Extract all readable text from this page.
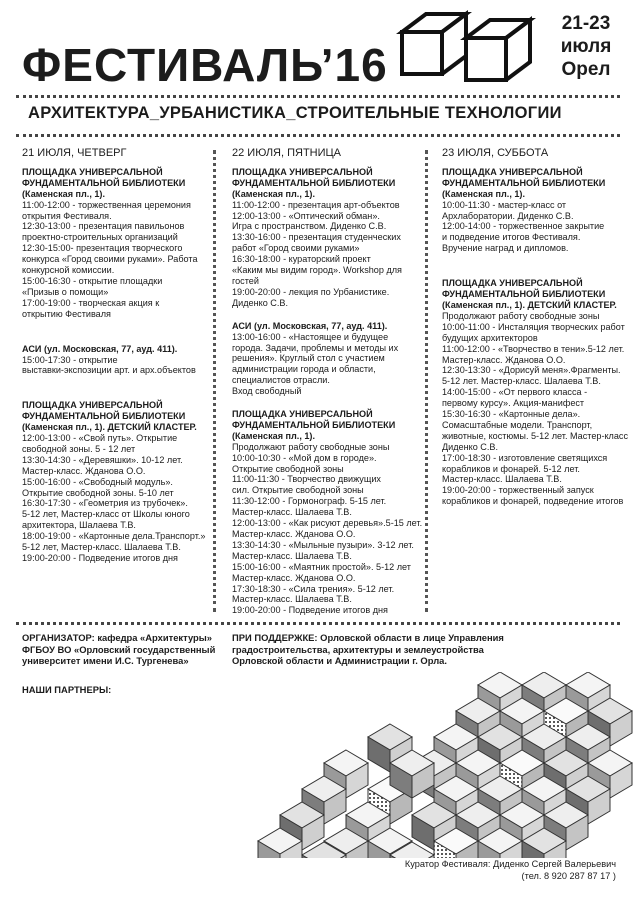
ФЕСТИВАЛЬ’16
21-23
июля
Орел
АРХИТЕКТУРА_УРБАНИСТИКА_СТРОИТЕЛЬНЫЕ ТЕХНОЛОГИИ
21 ИЮЛЯ, ЧЕТВЕРГ
ПЛОЩАДКА УНИВЕРСАЛЬНОЙ
ФУНДАМЕНТАЛЬНОЙ БИБЛИОТЕКИ
(Каменская пл., 1).
11:00-12:00 - торжественная церемония
открытия Фестиваля.
12:30-13:00 - презентация павильонов
проектно-строительных организаций
12:30-15:00- презентация творческого
конкурса «Город своими руками». Работа
конкурсной комиссии.
15:00-16:30 - открытие площадки
«Призыв о помощи»
17:00-19:00 - творческая акция к
открытию Фестиваля
АСИ (ул. Московская, 77, ауд. 411).
15:00-17:30 - открытие
выставки-экспозиции арт. и арх.объектов
ПЛОЩАДКА УНИВЕРСАЛЬНОЙ
ФУНДАМЕНТАЛЬНОЙ БИБЛИОТЕКИ
(Каменская пл., 1). ДЕТСКИЙ КЛАСТЕР.
12:00-13:00 - «Свой путь». Открытие
свободной зоны. 5 - 12 лет
13:30-14:30 - «Деревяшки». 10-12 лет.
Мастер-класс. Жданова О.О.
15:00-16:00 - «Свободный модуль».
Открытие свободной зоны. 5-10 лет
16:30-17:30 - «Геометрия из трубочек».
5-12 лет, Мастер-класс от Школы юного
архитектора, Шалаева Т.В.
18:00-19:00 - «Картонные дела.Транспорт.»
5-12 лет, Мастер-класс. Шалаева Т.В.
19:00-20:00 - Подведение итогов дня
22 ИЮЛЯ, ПЯТНИЦА
ПЛОЩАДКА УНИВЕРСАЛЬНОЙ
ФУНДАМЕНТАЛЬНОЙ БИБЛИОТЕКИ
(Каменская пл., 1).
11:00-12:00 - презентация арт-объектов
12:00-13:00 - «Оптический обман».
Игра с пространством. Диденко С.В.
13:30-16:00 - презентация студенческих
работ «Город своими руками»
16:30-18:00 - кураторский проект
«Каким мы видим город». Workshop для
гостей
19:00-20:00 - лекция по Урбанистике.
Диденко С.В.
АСИ (ул. Московская, 77, ауд. 411).
13:00-16:00 - «Настоящее и будущее
города. Задачи, проблемы и методы их
решения». Круглый стол с участием
администрации города и области,
специалистов отрасли.
Вход свободный
ПЛОЩАДКА УНИВЕРСАЛЬНОЙ
ФУНДАМЕНТАЛЬНОЙ БИБЛИОТЕКИ
(Каменская пл., 1).
Продолжают работу свободные зоны
10:00-10:30 - «Мой дом в городе».
Открытие свободной зоны
11:00-11:30 - Творчество движущих
сил. Открытие свободной зоны
11:30-12:00 - Гормонограф. 5-15 лет.
Мастер-класс. Шалаева Т.В.
12:00-13:00 - «Как рисуют деревья».5-15 лет.
Мастер-класс. Жданова О.О.
13:30-14:30 - «Мыльные пузыри». 3-12 лет.
Мастер-класс. Шалаева Т.В.
15:00-16:00 - «Маятник простой». 5-12 лет
Мастер-класс. Жданова О.О.
17:30-18:30 - «Сила трения». 5-12 лет.
Мастер-класс. Шалаева Т.В.
19:00-20:00 - Подведение итогов дня
23 ИЮЛЯ, СУББОТА
ПЛОЩАДКА УНИВЕРСАЛЬНОЙ
ФУНДАМЕНТАЛЬНОЙ БИБЛИОТЕКИ
(Каменская пл., 1).
10:00-11:30 - мастер-класс от
Архлаборатории. Диденко С.В.
12:00-14:00 - торжественное закрытие
и подведение итогов Фестиваля.
Вручение наград и дипломов.
ПЛОЩАДКА УНИВЕРСАЛЬНОЙ
ФУНДАМЕНТАЛЬНОЙ БИБЛИОТЕКИ
(Каменская пл., 1). ДЕТСКИЙ КЛАСТЕР.
Продолжают работу свободные зоны
10:00-11:00 - Инсталяция творческих работ
будущих архитекторов
11:00-12:00 - «Творчество в тени».5-12 лет.
Мастер-класс. Жданова О.О.
12:30-13:30 - «Дорисуй меня».Фрагменты.
5-12 лет. Мастер-класс. Шалаева Т.В.
14:00-15:00 - «От первого класса -
первому курсу». Акция-манифест
15:30-16:30 - «Картонные дела».
Сомасштабные модели. Транспорт,
животные, костюмы. 5-12 лет. Мастер-класс
Диденко С.В.
17:00-18:30 - изготовление светящихся
корабликов и фонарей. 5-12 лет.
Мастер-класс. Шалаева Т.В.
19:00-20:00 - торжественный запуск
корабликов и фонарей, подведение итогов
ОРГАНИЗАТОР: кафедра «Архитектуры»
ФГБОУ ВО «Орловский государственный
университет имени И.С. Тургенева»
ПРИ ПОДДЕРЖКЕ: Орловской области в лице Управления
градостроительства, архитектуры и землеустройства
Орловской области и Администрации г. Орла.
НАШИ ПАРТНЕРЫ:
Куратор Фестиваля: Диденко Сергей Валерьевич
(тел. 8 920 287 87 17 )
